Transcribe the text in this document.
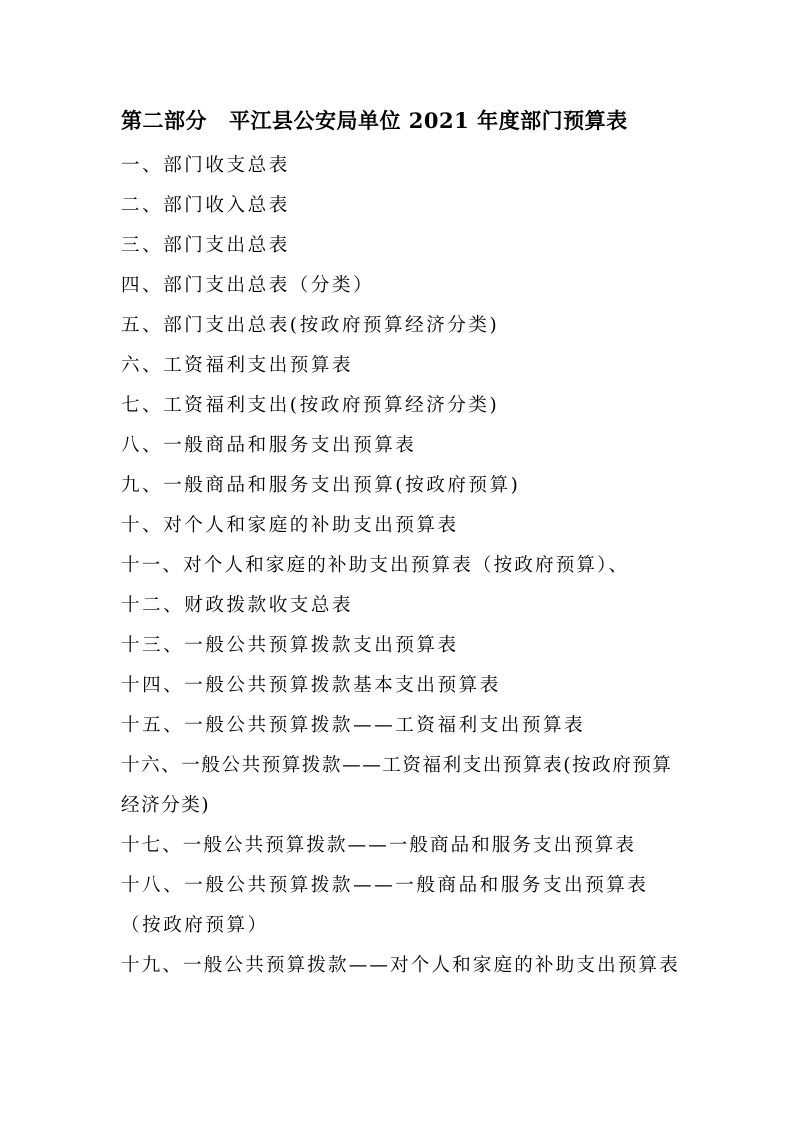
第二部分 平江县公安局单位 2021 年度部门预算表
一、部门收支总表
二、部门收入总表
三、部门支出总表
四、部门支出总表（分类）
五、部门支出总表(按政府预算经济分类)
六、工资福利支出预算表
七、工资福利支出(按政府预算经济分类)
八、一般商品和服务支出预算表
九、一般商品和服务支出预算(按政府预算)
十、对个人和家庭的补助支出预算表
十一、对个人和家庭的补助支出预算表（按政府预算）、
十二、财政拨款收支总表
十三、一般公共预算拨款支出预算表
十四、一般公共预算拨款基本支出预算表
十五、一般公共预算拨款——工资福利支出预算表
十六、一般公共预算拨款——工资福利支出预算表(按政府预算经济分类)
十七、一般公共预算拨款——一般商品和服务支出预算表
十八、一般公共预算拨款——一般商品和服务支出预算表（按政府预算）
十九、一般公共预算拨款——对个人和家庭的补助支出预算表
